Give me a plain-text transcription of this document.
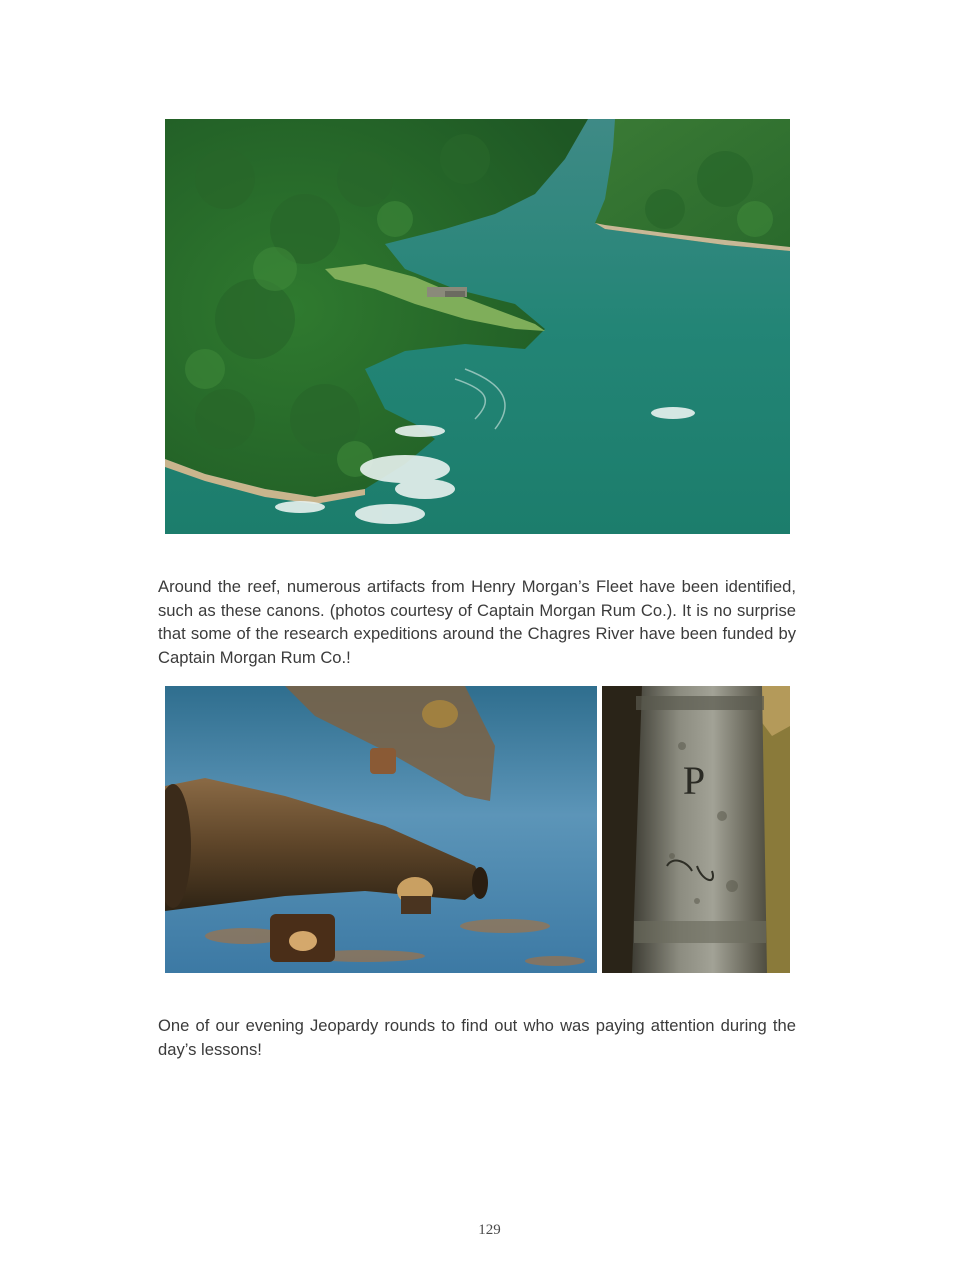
Around the reef, numerous artifacts from Henry Morgan’s Fleet have been identified, such as these canons. (photos courtesy of Captain Morgan Rum Co.). It is no surprise that some of the research expeditions around the Chagres River have been funded by Captain Morgan Rum Co.!

P

One of our evening Jeopardy rounds to find out who was paying attention during the day’s lessons!

129
